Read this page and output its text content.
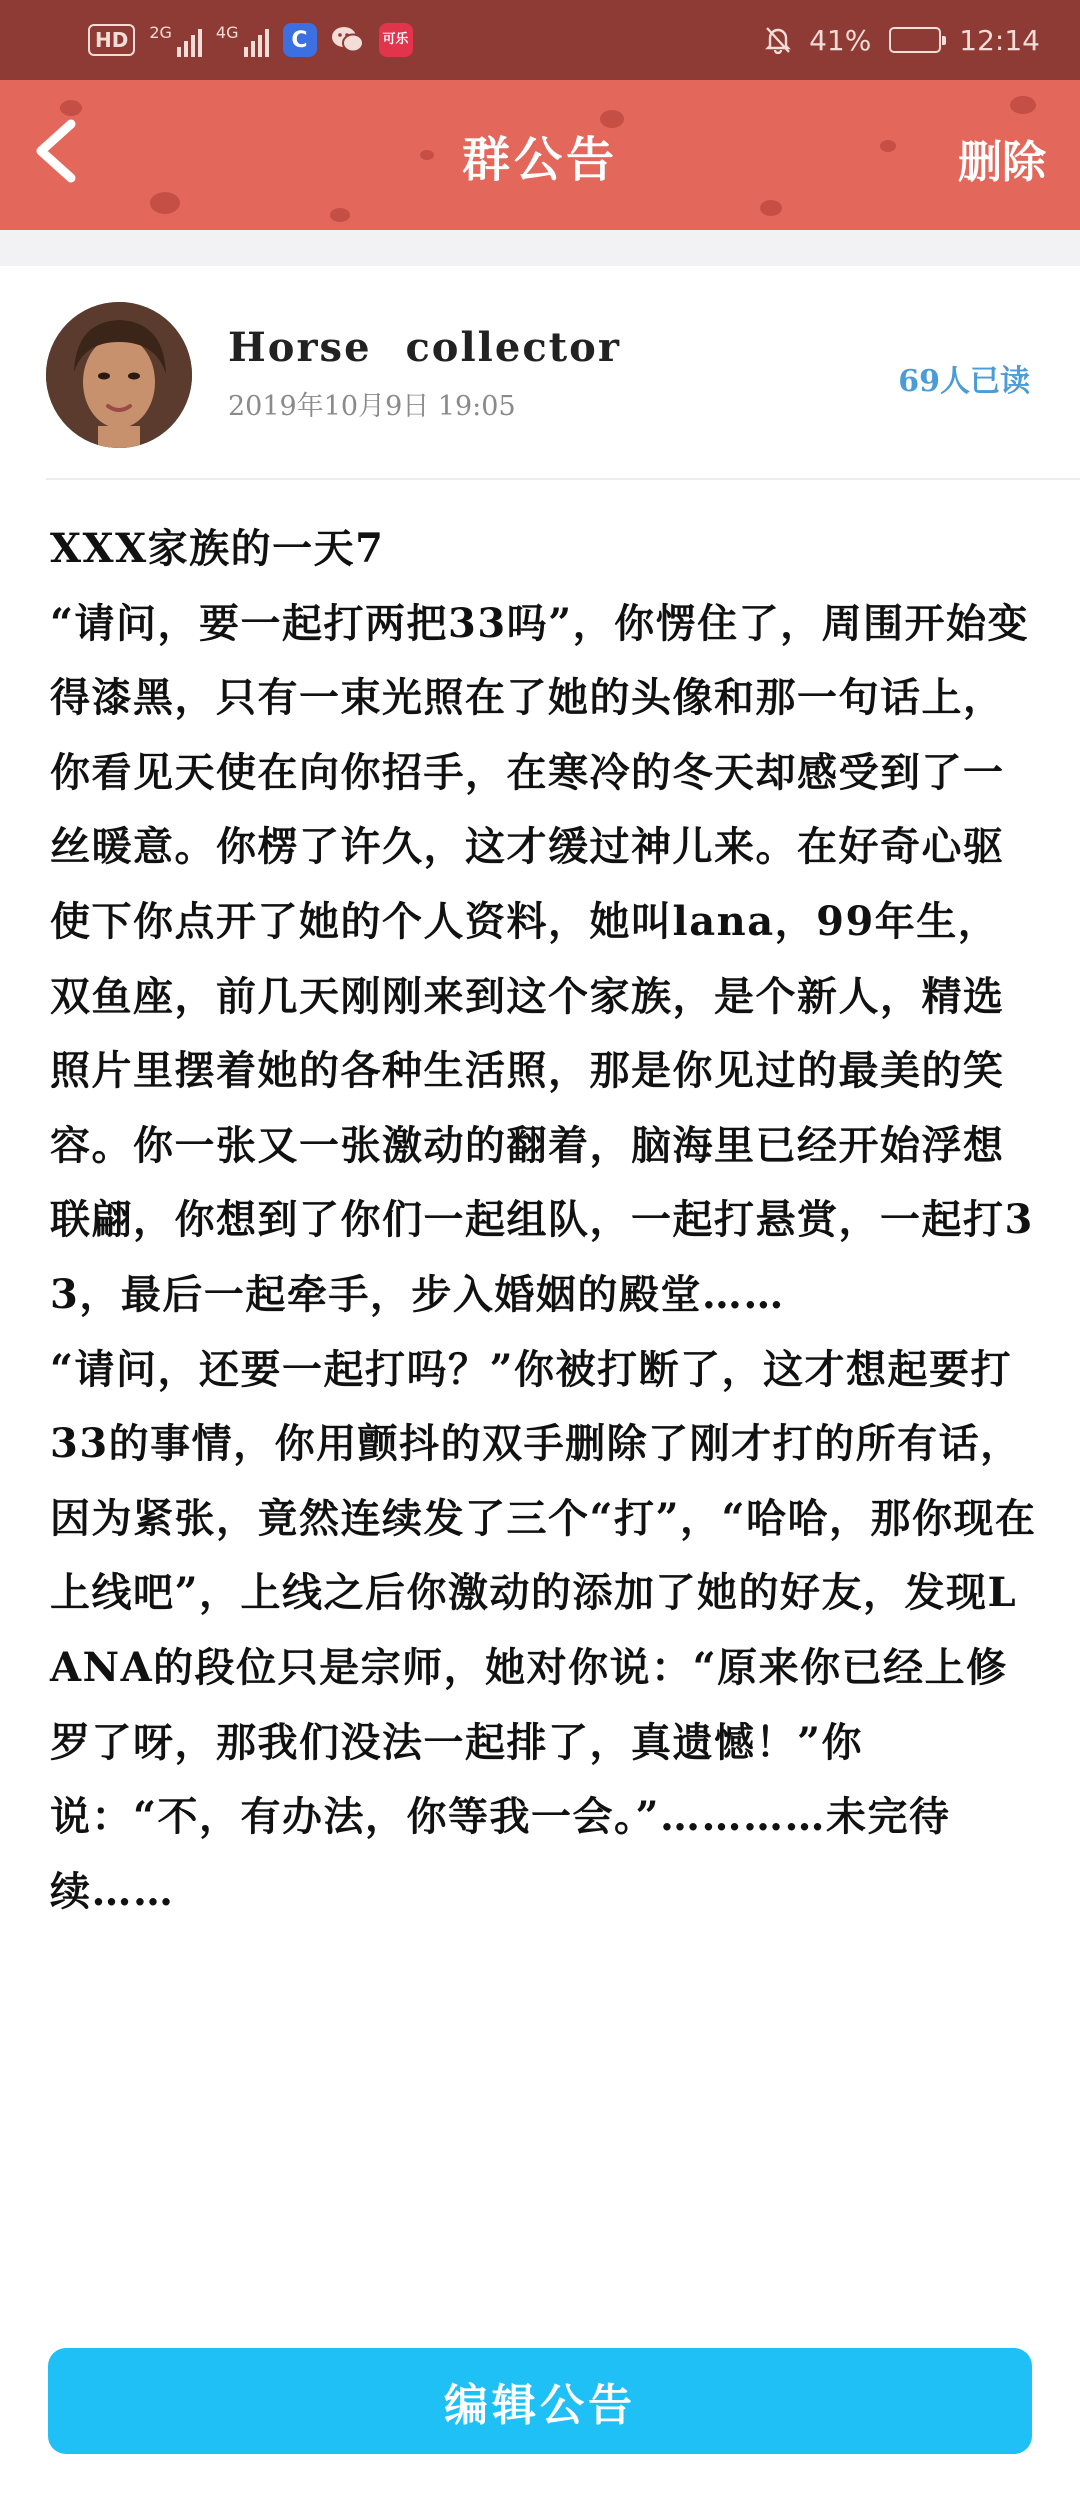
HD	2G	4G	C	可乐	41%	12:14
群公告	删除
Horse collector
2019年10月9日 19:05
69人已读
XXX家族的一天7
“请问，要一起打两把33吗”，你愣住了，周围开始变得漆黑，只有一束光照在了她的头像和那一句话上，你看见天使在向你招手，在寒冷的冬天却感受到了一丝暖意。你楞了许久，这才缓过神儿来。在好奇心驱使下你点开了她的个人资料，她叫lana，99年生，双鱼座，前几天刚刚来到这个家族，是个新人，精选照片里摆着她的各种生活照，那是你见过的最美的笑容。你一张又一张激动的翻着，脑海里已经开始浮想联翩，你想到了你们一起组队，一起打悬赏，一起打33，最后一起牵手，步入婚姻的殿堂……
“请问，还要一起打吗？”你被打断了，这才想起要打33的事情，你用颤抖的双手删除了刚才打的所有话，因为紧张，竟然连续发了三个“打”，“哈哈，那你现在上线吧”，上线之后你激动的添加了她的好友，发现LANA的段位只是宗师，她对你说：“原来你已经上修罗了呀，那我们没法一起排了，真遗憾！”你说：“不，有办法，你等我一会。”…………未完待续……
编辑公告
